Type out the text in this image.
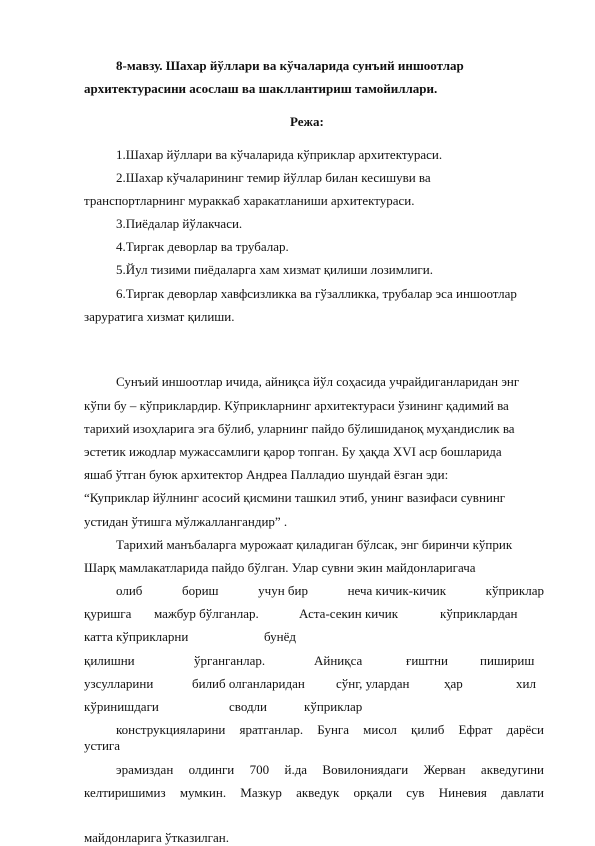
8-мавзу. Шахар йўллари ва кўчаларида сунъий иншоотлар
архитектурасини асослаш ва шакллантириш тамойиллари.
Режа:
1.Шахар йўллари ва кўчаларида кўприклар архитектураси.
2.Шахар кўчаларининг темир йўллар билан кесишуви ва
транспортларнинг мураккаб харакатланиши архитектураси.
3.Пиёдалар йўлакчаси.
4.Тиргак деворлар ва трубалар.
5.Йул тизими пиёдаларга хам хизмат қилиши лозимлиги.
6.Тиргак деворлар хавфсизликка ва гўзалликка, трубалар эса иншоотлар
зарурати​га хизмат қилиши.
Сунъий иншоотлар ичида, айниқса йўл соҳасида учрайдиганларидан энг
кўпи бу – кўприклардир. Кўприкларнинг архитектураси ўзининг қадимий ва
тарихий изоҳларига эга бўлиб, уларнинг пайдо бўлишиданоқ муҳандислик ва
эстетик ижодлар мужассамлиги қарор топган. Бу ҳақда XVI аср бошларида
яшаб ўтган буюк архитектор Андреа Палладио шундай ёзган эди:
“Куприклар йўлнинг асосий қисмини ташкил этиб, унинг вазифаси сувнинг
устидан ўтишга мўлжаллангандир” .
Тарихий манъбаларга мурожаат қиладиган бўлсак, энг биринчи кўприк
Шарқ мамлакатларида пайдо бўлган. Улар сувни экин майдонларигача
олиб	бориш	учун бир	неча кичик-кичик	кўприклар
қуришга мажбур бўлганлар.	Аста-секин кичик	кўприклардан
катта кўприкларни	бунёд
қилишни	ўрганганлар.	Айниқса	ғиштни пишириш
узсулларини	билиб олганларидан сўнг, улардан	ҳар	хил
кўринишдаги	сводли	кўприклар
конструкцияларини яратганлар. Бунга мисол қилиб Ефрат дарёси
устига
эрамиздан олдинги 700 й.да Вовилониядаги Жерван акведугини
келтиришимиз мумкин. Мазкур акведук орқали сув Ниневия давлати
майдонларига ўтказилган.
